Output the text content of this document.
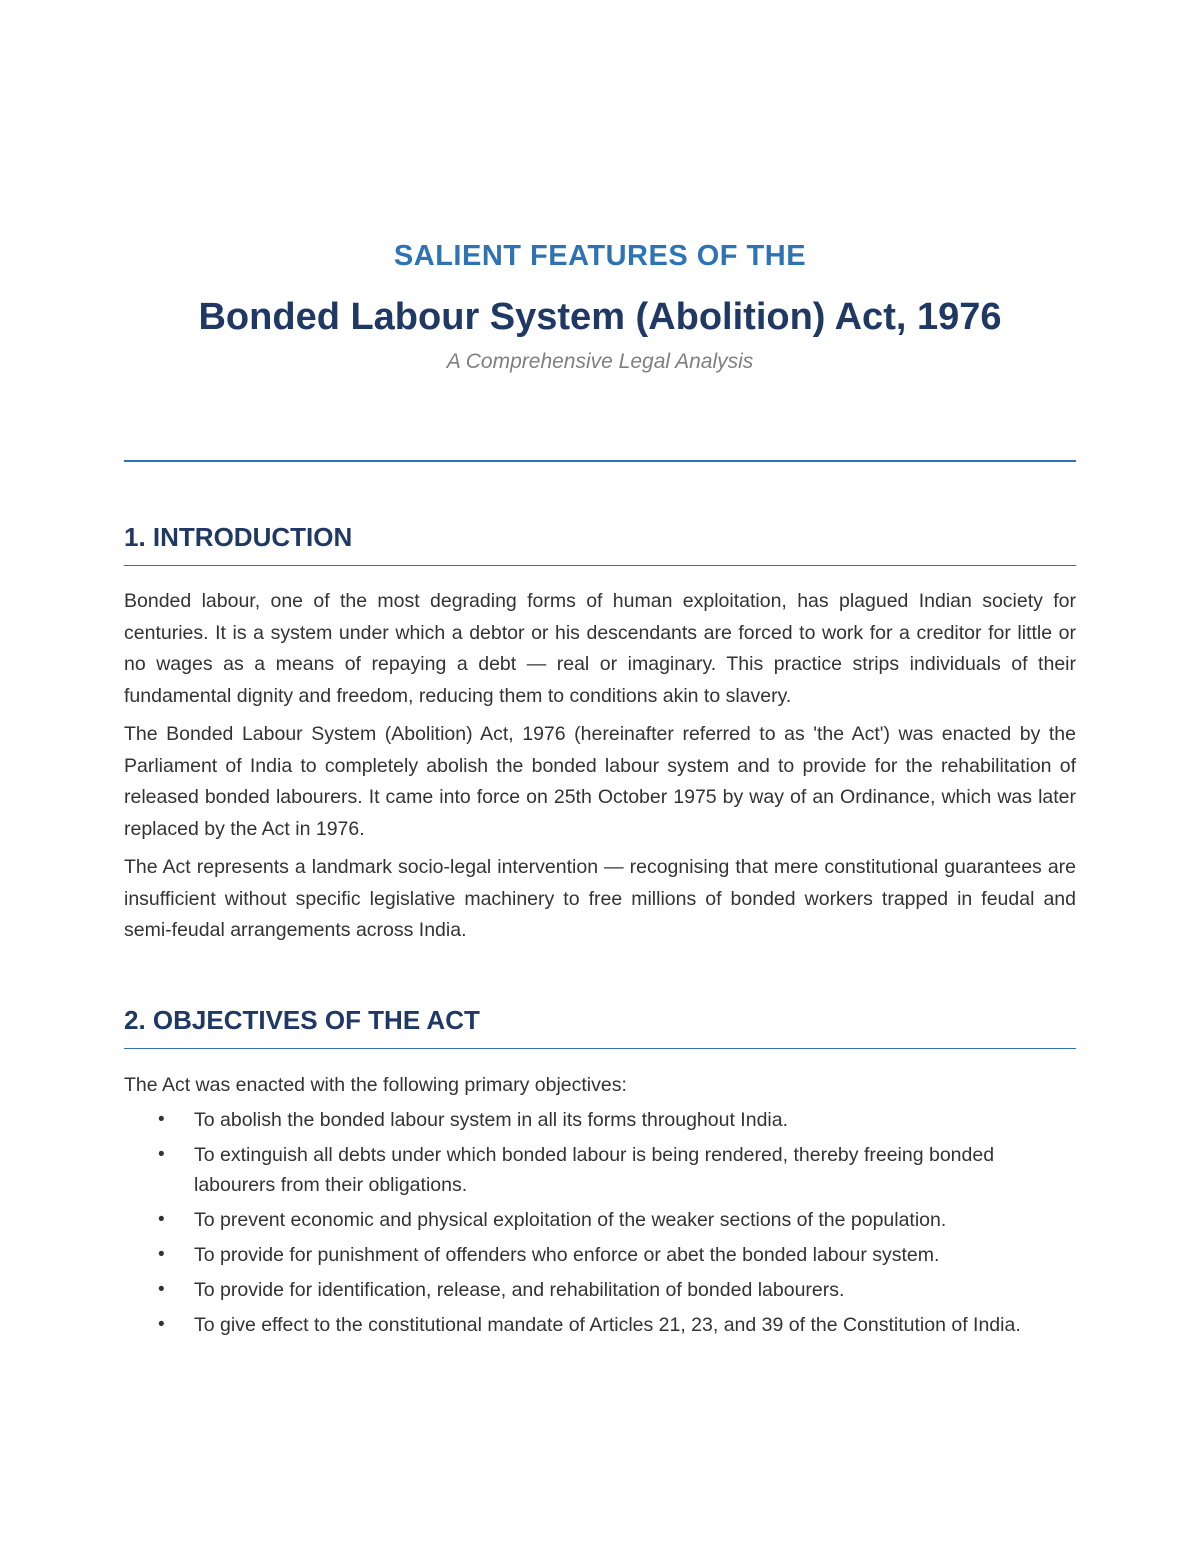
SALIENT FEATURES OF THE
Bonded Labour System (Abolition) Act, 1976
A Comprehensive Legal Analysis
1. INTRODUCTION

Bonded labour, one of the most degrading forms of human exploitation, has plagued Indian society for centuries. It is a system under which a debtor or his descendants are forced to work for a creditor for little or no wages as a means of repaying a debt — real or imaginary. This practice strips individuals of their fundamental dignity and freedom, reducing them to conditions akin to slavery.

The Bonded Labour System (Abolition) Act, 1976 (hereinafter referred to as 'the Act') was enacted by the Parliament of India to completely abolish the bonded labour system and to provide for the rehabilitation of released bonded labourers. It came into force on 25th October 1975 by way of an Ordinance, which was later replaced by the Act in 1976.

The Act represents a landmark socio-legal intervention — recognising that mere constitutional guarantees are insufficient without specific legislative machinery to free millions of bonded workers trapped in feudal and semi-feudal arrangements across India.

2. OBJECTIVES OF THE ACT

The Act was enacted with the following primary objectives:

• To abolish the bonded labour system in all its forms throughout India.
• To extinguish all debts under which bonded labour is being rendered, thereby freeing bonded labourers from their obligations.
• To prevent economic and physical exploitation of the weaker sections of the population.
• To provide for punishment of offenders who enforce or abet the bonded labour system.
• To provide for identification, release, and rehabilitation of bonded labourers.
• To give effect to the constitutional mandate of Articles 21, 23, and 39 of the Constitution of India.
